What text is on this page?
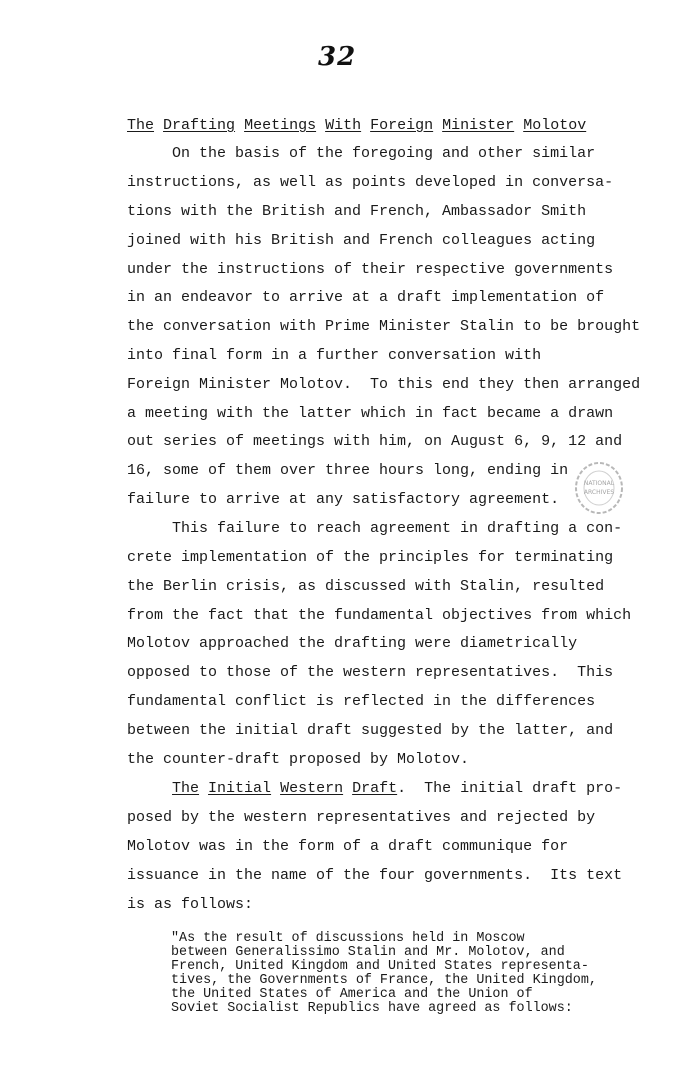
32
The Drafting Meetings With Foreign Minister Molotov
On the basis of the foregoing and other similar
instructions, as well as points developed in conversa-
tions with the British and French, Ambassador Smith
joined with his British and French colleagues acting
under the instructions of their respective governments
in an endeavor to arrive at a draft implementation of
the conversation with Prime Minister Stalin to be brought
into final form in a further conversation with
Foreign Minister Molotov.  To this end they then arranged
a meeting with the latter which in fact became a drawn
out series of meetings with him, on August 6, 9, 12 and
16, some of them over three hours long, ending in
failure to arrive at any satisfactory agreement.
NATIONAL
ARCHIVES
This failure to reach agreement in drafting a con-
crete implementation of the principles for terminating
the Berlin crisis, as discussed with Stalin, resulted
from the fact that the fundamental objectives from which
Molotov approached the drafting were diametrically
opposed to those of the western representatives.  This
fundamental conflict is reflected in the differences
between the initial draft suggested by the latter, and
the counter-draft proposed by Molotov.
The Initial Western Draft.  The initial draft pro-
posed by the western representatives and rejected by
Molotov was in the form of a draft communique for
issuance in the name of the four governments.  Its text
is as follows:
"As the result of discussions held in Moscow
between Generalissimo Stalin and Mr. Molotov, and
French, United Kingdom and United States representa-
tives, the Governments of France, the United Kingdom,
the United States of America and the Union of
Soviet Socialist Republics have agreed as follows:
